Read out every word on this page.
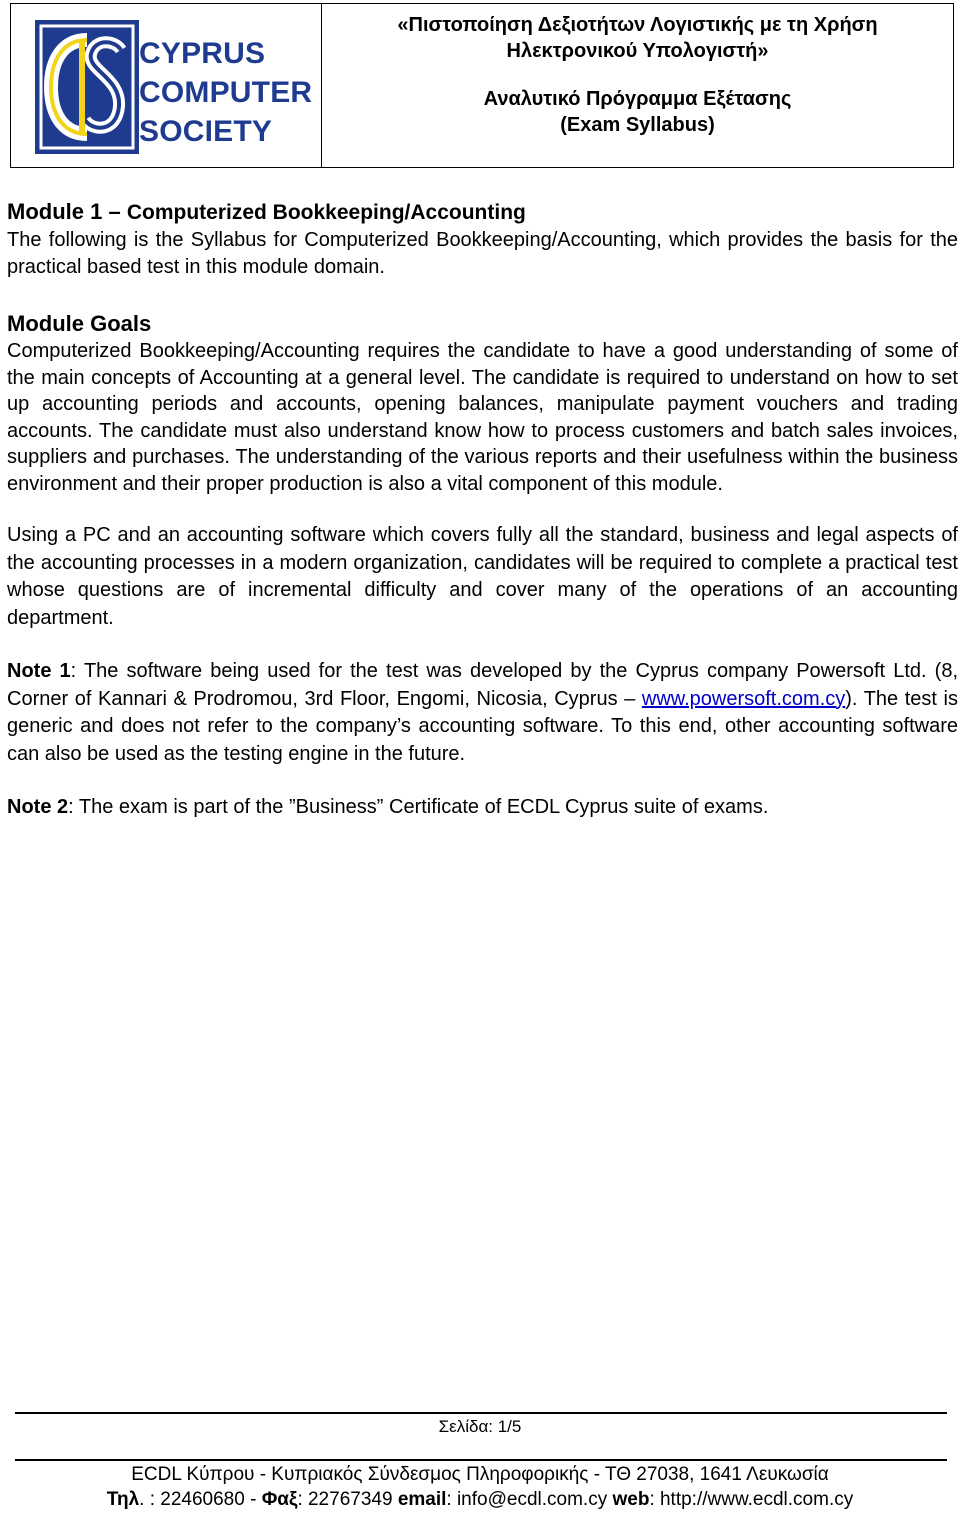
CYPRUS
COMPUTER
SOCIETY
«Πιστοποίηση Δεξιοτήτων Λογιστικής με τη Χρήση
Ηλεκτρονικού Υπολογιστή»
Αναλυτικό Πρόγραμμα Εξέτασης
(Exam Syllabus)
Module 1 – Computerized Bookkeeping/Accounting

The following is the Syllabus for Computerized Bookkeeping/Accounting, which provides the basis for the practical based test in this module domain.

Module Goals

Computerized Bookkeeping/Accounting requires the candidate to have a good understanding of some of the main concepts of Accounting at a general level. The candidate is required to understand on how to set up accounting periods and accounts, opening balances, manipulate payment vouchers and trading accounts. The candidate must also understand know how to process customers and batch sales invoices, suppliers and purchases. The understanding of the various reports and their usefulness within the business environment and their proper production is also a vital component of this module.

Using a PC and an accounting software which covers fully all the standard, business and legal aspects of the accounting processes in a modern organization, candidates will be required to complete a practical test whose questions are of incremental difficulty and cover many of the operations of an accounting department.

Note 1: The software being used for the test was developed by the Cyprus company Powersoft Ltd. (8, Corner of Kannari & Prodromou, 3rd Floor, Engomi, Nicosia, Cyprus – www.powersoft.com.cy). The test is generic and does not refer to the company’s accounting software. To this end, other accounting software can also be used as the testing engine in the future.

Note 2: The exam is part of the ”Business” Certificate of ECDL Cyprus suite of exams.

Σελίδα: 1/5
ECDL Κύπρου - Κυπριακός Σύνδεσμος Πληροφορικής - ΤΘ 27038, 1641 Λευκωσία
Τηλ. : 22460680 - Φαξ: 22767349 email: info@ecdl.com.cy web: http://www.ecdl.com.cy
